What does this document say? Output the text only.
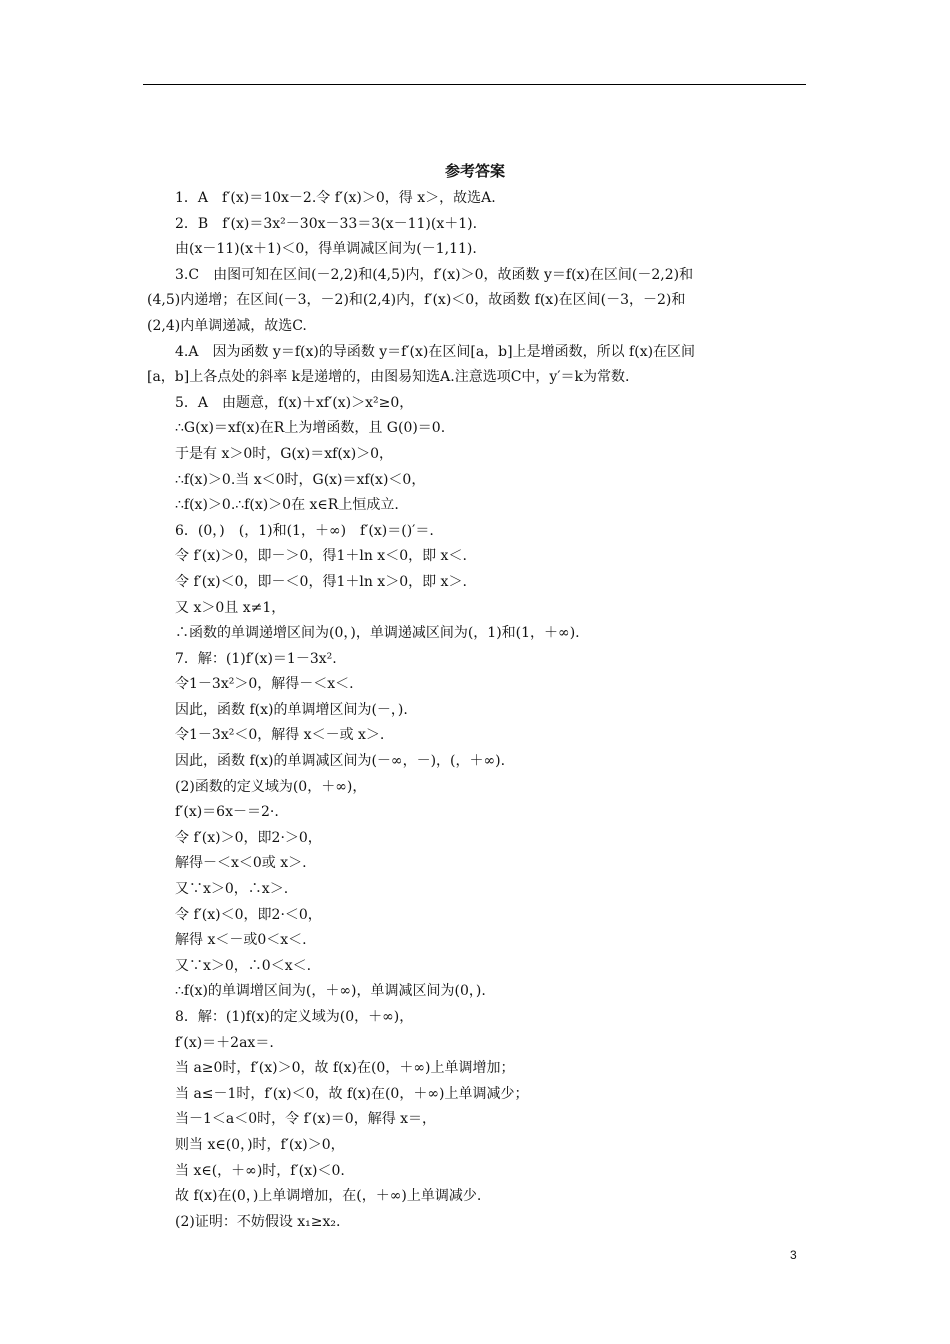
参考答案
1．A　f′(x)＝10x－2.令 f′(x)＞0，得 x＞，故选A.
2．B　f′(x)＝3x²－30x－33＝3(x－11)(x＋1).
由(x－11)(x＋1)＜0，得单调减区间为(－1,11).
3.C　由图可知在区间(－2,2)和(4,5)内，f′(x)＞0，故函数 y＝f(x)在区间(－2,2)和
(4,5)内递增；在区间(－3，－2)和(2,4)内，f′(x)＜0，故函数 f(x)在区间(－3，－2)和
(2,4)内单调递减，故选C.
4.A　因为函数 y＝f(x)的导函数 y＝f′(x)在区间[a，b]上是增函数，所以 f(x)在区间
[a，b]上各点处的斜率 k是递增的，由图易知选A.注意选项C中，y′＝k为常数.
5．A　由题意，f(x)＋xf′(x)＞x²≥0，
∴G(x)＝xf(x)在R上为增函数，且 G(0)＝0.
于是有 x＞0时，G(x)＝xf(x)＞0，
∴f(x)＞0.当 x＜0时，G(x)＝xf(x)＜0，
∴f(x)＞0.∴f(x)＞0在 x∈R上恒成立.
6．(0，)　(，1)和(1，＋∞)　f′(x)＝()′＝.
令 f′(x)＞0，即－＞0，得1＋ln x＜0，即 x＜.
令 f′(x)＜0，即－＜0，得1＋ln x＞0，即 x＞.
又 x＞0且 x≠1，
∴函数的单调递增区间为(0，)，单调递减区间为(，1)和(1，＋∞).
7．解：(1)f′(x)＝1－3x².
令1－3x²＞0，解得－＜x＜.
因此，函数 f(x)的单调增区间为(－，).
令1－3x²＜0，解得 x＜－或 x＞.
因此，函数 f(x)的单调减区间为(－∞，－)，(，＋∞).
(2)函数的定义域为(0，＋∞)，
f′(x)＝6x－＝2·.
令 f′(x)＞0，即2·＞0，
解得－＜x＜0或 x＞.
又∵x＞0，∴x＞.
令 f′(x)＜0，即2·＜0，
解得 x＜－或0＜x＜.
又∵x＞0，∴0＜x＜.
∴f(x)的单调增区间为(，＋∞)，单调减区间为(0，).
8．解：(1)f(x)的定义域为(0，＋∞)，
f′(x)＝＋2ax＝.
当 a≥0时，f′(x)＞0，故 f(x)在(0，＋∞)上单调增加；
当 a≤－1时，f′(x)＜0，故 f(x)在(0，＋∞)上单调减少；
当－1＜a＜0时，令 f′(x)＝0，解得 x＝，
则当 x∈(0，)时，f′(x)＞0，
当 x∈(，＋∞)时，f′(x)＜0.
故 f(x)在(0，)上单调增加，在(，＋∞)上单调减少.
(2)证明：不妨假设 x₁≥x₂.
3
